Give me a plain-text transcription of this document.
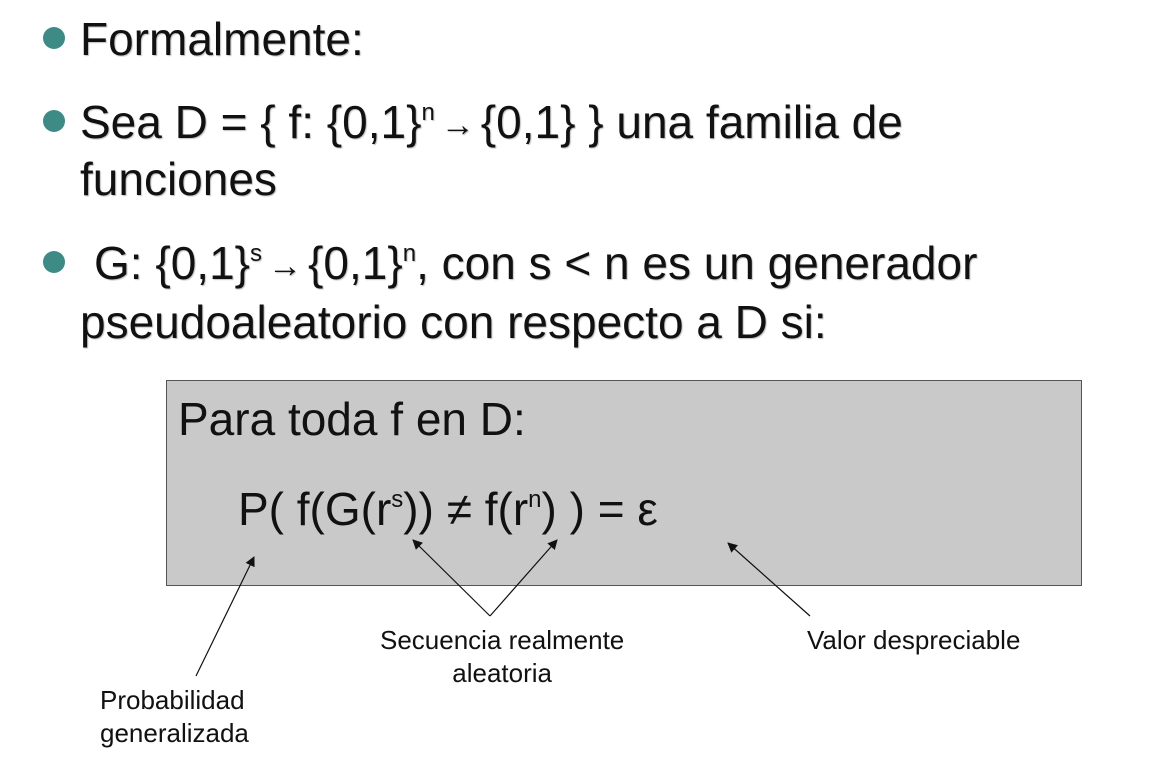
Formalmente:
Sea D = { f: $\{0,1\}^n \to \{0,1\}$ } una familia de
funciones
G: $\{0,1\}^s \to \{0,1\}^n$, con s < n es un generador
pseudoaleatorio con respecto a D si:
Para toda f en D:
P( $f(G(r^s)) \ne f(r^n)$ ) = ε
Probabilidad
generalizada
Secuencia realmente
aleatoria
Valor despreciable
